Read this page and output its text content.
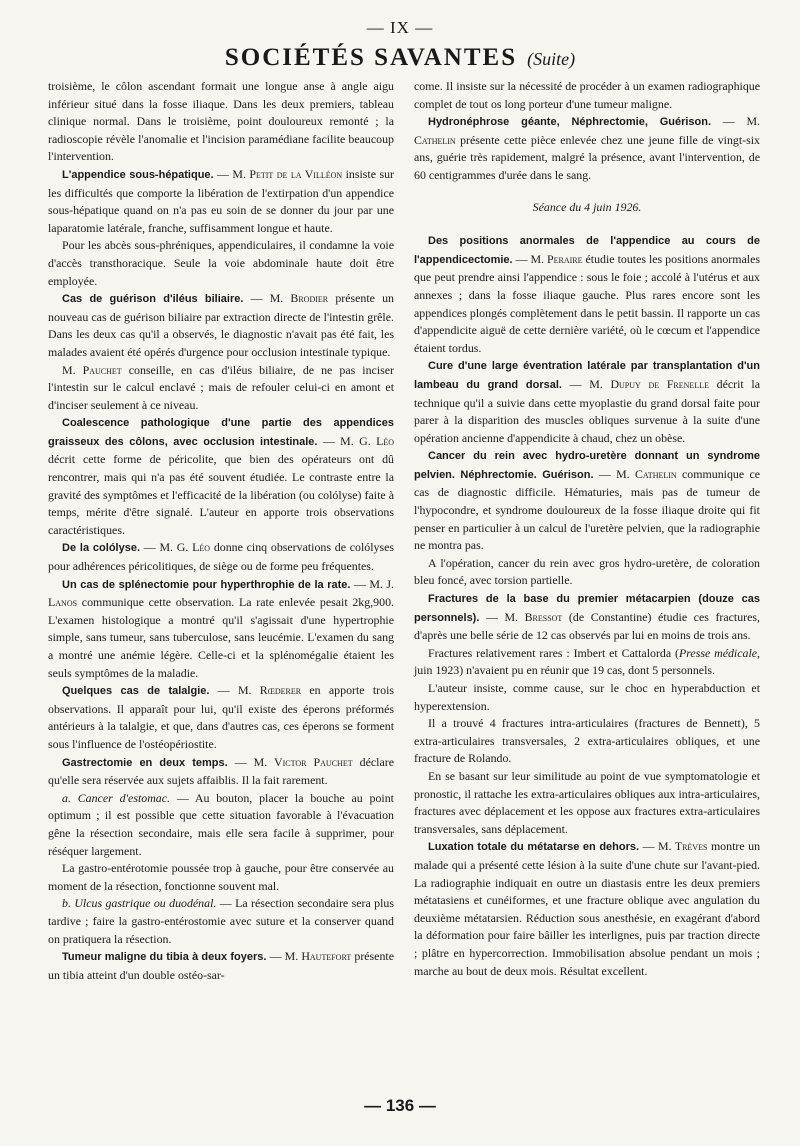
— IX —
SOCIÉTÉS SAVANTES (Suite)

troisième, le côlon ascendant formait une longue anse à angle aigu inférieur situé dans la fosse iliaque. Dans les deux premiers, tableau clinique normal. Dans le troisième, point douloureux remonté ; la radioscopie révèle l'anomalie et l'incision paramédiane facilite beaucoup l'intervention.

L'appendice sous-hépatique. — M. Petit de la Villéon insiste sur les difficultés que comporte la libération de l'extirpation d'un appendice sous-hépatique quand on n'a pas eu soin de se donner du jour par une laparatomie latérale, franche, suffisamment longue et haute.

Pour les abcès sous-phréniques, appendiculaires, il condamne la voie d'accès transthoracique. Seule la voie abdominale haute doit être employée.

Cas de guérison d'iléus biliaire. — M. Brodier présente un nouveau cas de guérison biliaire par extraction directe de l'intestin grêle. Dans les deux cas qu'il a observés, le diagnostic n'avait pas été fait, les malades avaient été opérés d'urgence pour occlusion intestinale typique.

M. Pauchet conseille, en cas d'iléus biliaire, de ne pas inciser l'intestin sur le calcul enclavé ; mais de refouler celui-ci en amont et d'inciser seulement à ce niveau.

Coalescence pathologique d'une partie des appendices graisseux des côlons, avec occlusion intestinale. — M. G. Léo décrit cette forme de péricolite, que bien des opérateurs ont dû rencontrer, mais qui n'a pas été souvent étudiée. Le contraste entre la gravité des symptômes et l'efficacité de la libération (ou colólyse) faite à temps, mérite d'être signalé. L'auteur en apporte trois observations caractéristiques.

De la colólyse. — M. G. Léo donne cinq observations de colólyses pour adhérences péricolitiques, de siège ou de forme peu fréquentes.

Un cas de splénectomie pour hyperthrophie de la rate. — M. J. Lanos communique cette observation. La rate enlevée pesait 2kg,900. L'examen histologique a montré qu'il s'agissait d'une hypertrophie simple, sans tumeur, sans tuberculose, sans leucémie. L'examen du sang a montré une anémie légère. Celle-ci et la splénomégalie étaient les seuls symptômes de la maladie.

Quelques cas de talalgie. — M. Rœderer en apporte trois observations. Il apparaît pour lui, qu'il existe des éperons préformés antérieurs à la talalgie, et que, dans d'autres cas, ces éperons se forment sous l'influence de l'ostéopériostite.

Gastrectomie en deux temps. — M. Victor Pauchet déclare qu'elle sera réservée aux sujets affaiblis. Il la fait rarement.

a. Cancer d'estomac. — Au bouton, placer la bouche au point optimum ; il est possible que cette situation favorable à l'évacuation gêne la résection secondaire, mais elle sera facile à supprimer, pour réséquer largement.

La gastro-entérotomie poussée trop à gauche, pour être conservée au moment de la résection, fonctionne souvent mal.

b. Ulcus gastrique ou duodénal. — La résection secondaire sera plus tardive ; faire la gastro-entérostomie avec suture et la conserver quand on pratiquera la résection.

Tumeur maligne du tibia à deux foyers. — M. Hautefort présente un tibia atteint d'un double ostéo-sar-

come. Il insiste sur la nécessité de procéder à un examen radiographique complet de tout os long porteur d'une tumeur maligne.

Hydronéphrose géante, Néphrectomie, Guérison. — M. Cathelin présente cette pièce enlevée chez une jeune fille de vingt-six ans, guérie très rapidement, malgré la présence, avant l'intervention, de 60 centigrammes d'urée dans le sang.

Séance du 4 juin 1926.

Des positions anormales de l'appendice au cours de l'appendicectomie. — M. Peraire étudie toutes les positions anormales que peut prendre ainsi l'appendice : sous le foie ; accolé à l'utérus et aux annexes ; dans la fosse iliaque gauche. Plus rares encore sont les appendices plongés complètement dans le petit bassin. Il rapporte un cas d'appendicite aiguë de cette dernière variété, où le cœcum et l'appendice étaient tordus.

Cure d'une large éventration latérale par transplantation d'un lambeau du grand dorsal. — M. Dupuy de Frenelle décrit la technique qu'il a suivie dans cette myoplastie du grand dorsal faite pour parer à la disparition des muscles obliques survenue à la suite d'une opération ancienne d'appendicite à chaud, chez un obèse.

Cancer du rein avec hydro-uretère donnant un syndrome pelvien. Néphrectomie. Guérison. — M. Cathelin communique ce cas de diagnostic difficile. Hématuries, mais pas de tumeur de l'hypocondre, et syndrome douloureux de la fosse iliaque droite qui fit penser en particulier à un calcul de l'uretère pelvien, que la radiographie ne montra pas.

A l'opération, cancer du rein avec gros hydro-uretère, de coloration bleu foncé, avec torsion partielle.

Fractures de la base du premier métacarpien (douze cas personnels). — M. Bressot (de Constantine) étudie ces fractures, d'après une belle série de 12 cas observés par lui en moins de trois ans.

Fractures relativement rares : Imbert et Cattalorda (Presse médicale, juin 1923) n'avaient pu en réunir que 19 cas, dont 5 personnels.

L'auteur insiste, comme cause, sur le choc en hyperabduction et hyperextension.

Il a trouvé 4 fractures intra-articulaires (fractures de Bennett), 5 extra-articulaires transversales, 2 extra-articulaires obliques, et une fracture de Rolando.

En se basant sur leur similitude au point de vue symptomatologie et pronostic, il rattache les extra-articulaires obliques aux intra-articulaires, fractures avec déplacement et les oppose aux fractures extra-articulaires transversales, sans déplacement.

Luxation totale du métatarse en dehors. — M. Trèves montre un malade qui a présenté cette lésion à la suite d'une chute sur l'avant-pied. La radiographie indiquait en outre un diastasis entre les deux premiers métatasiens et cunéiformes, et une fracture oblique avec angulation du deuxième métatarsien. Réduction sous anesthésie, en exagérant d'abord la déformation pour faire bâiller les interlignes, puis par traction directe ; plâtre en hypercorrection. Immobilisation absolue pendant un mois ; marche au bout de deux mois. Résultat excellent.

— 136 —
